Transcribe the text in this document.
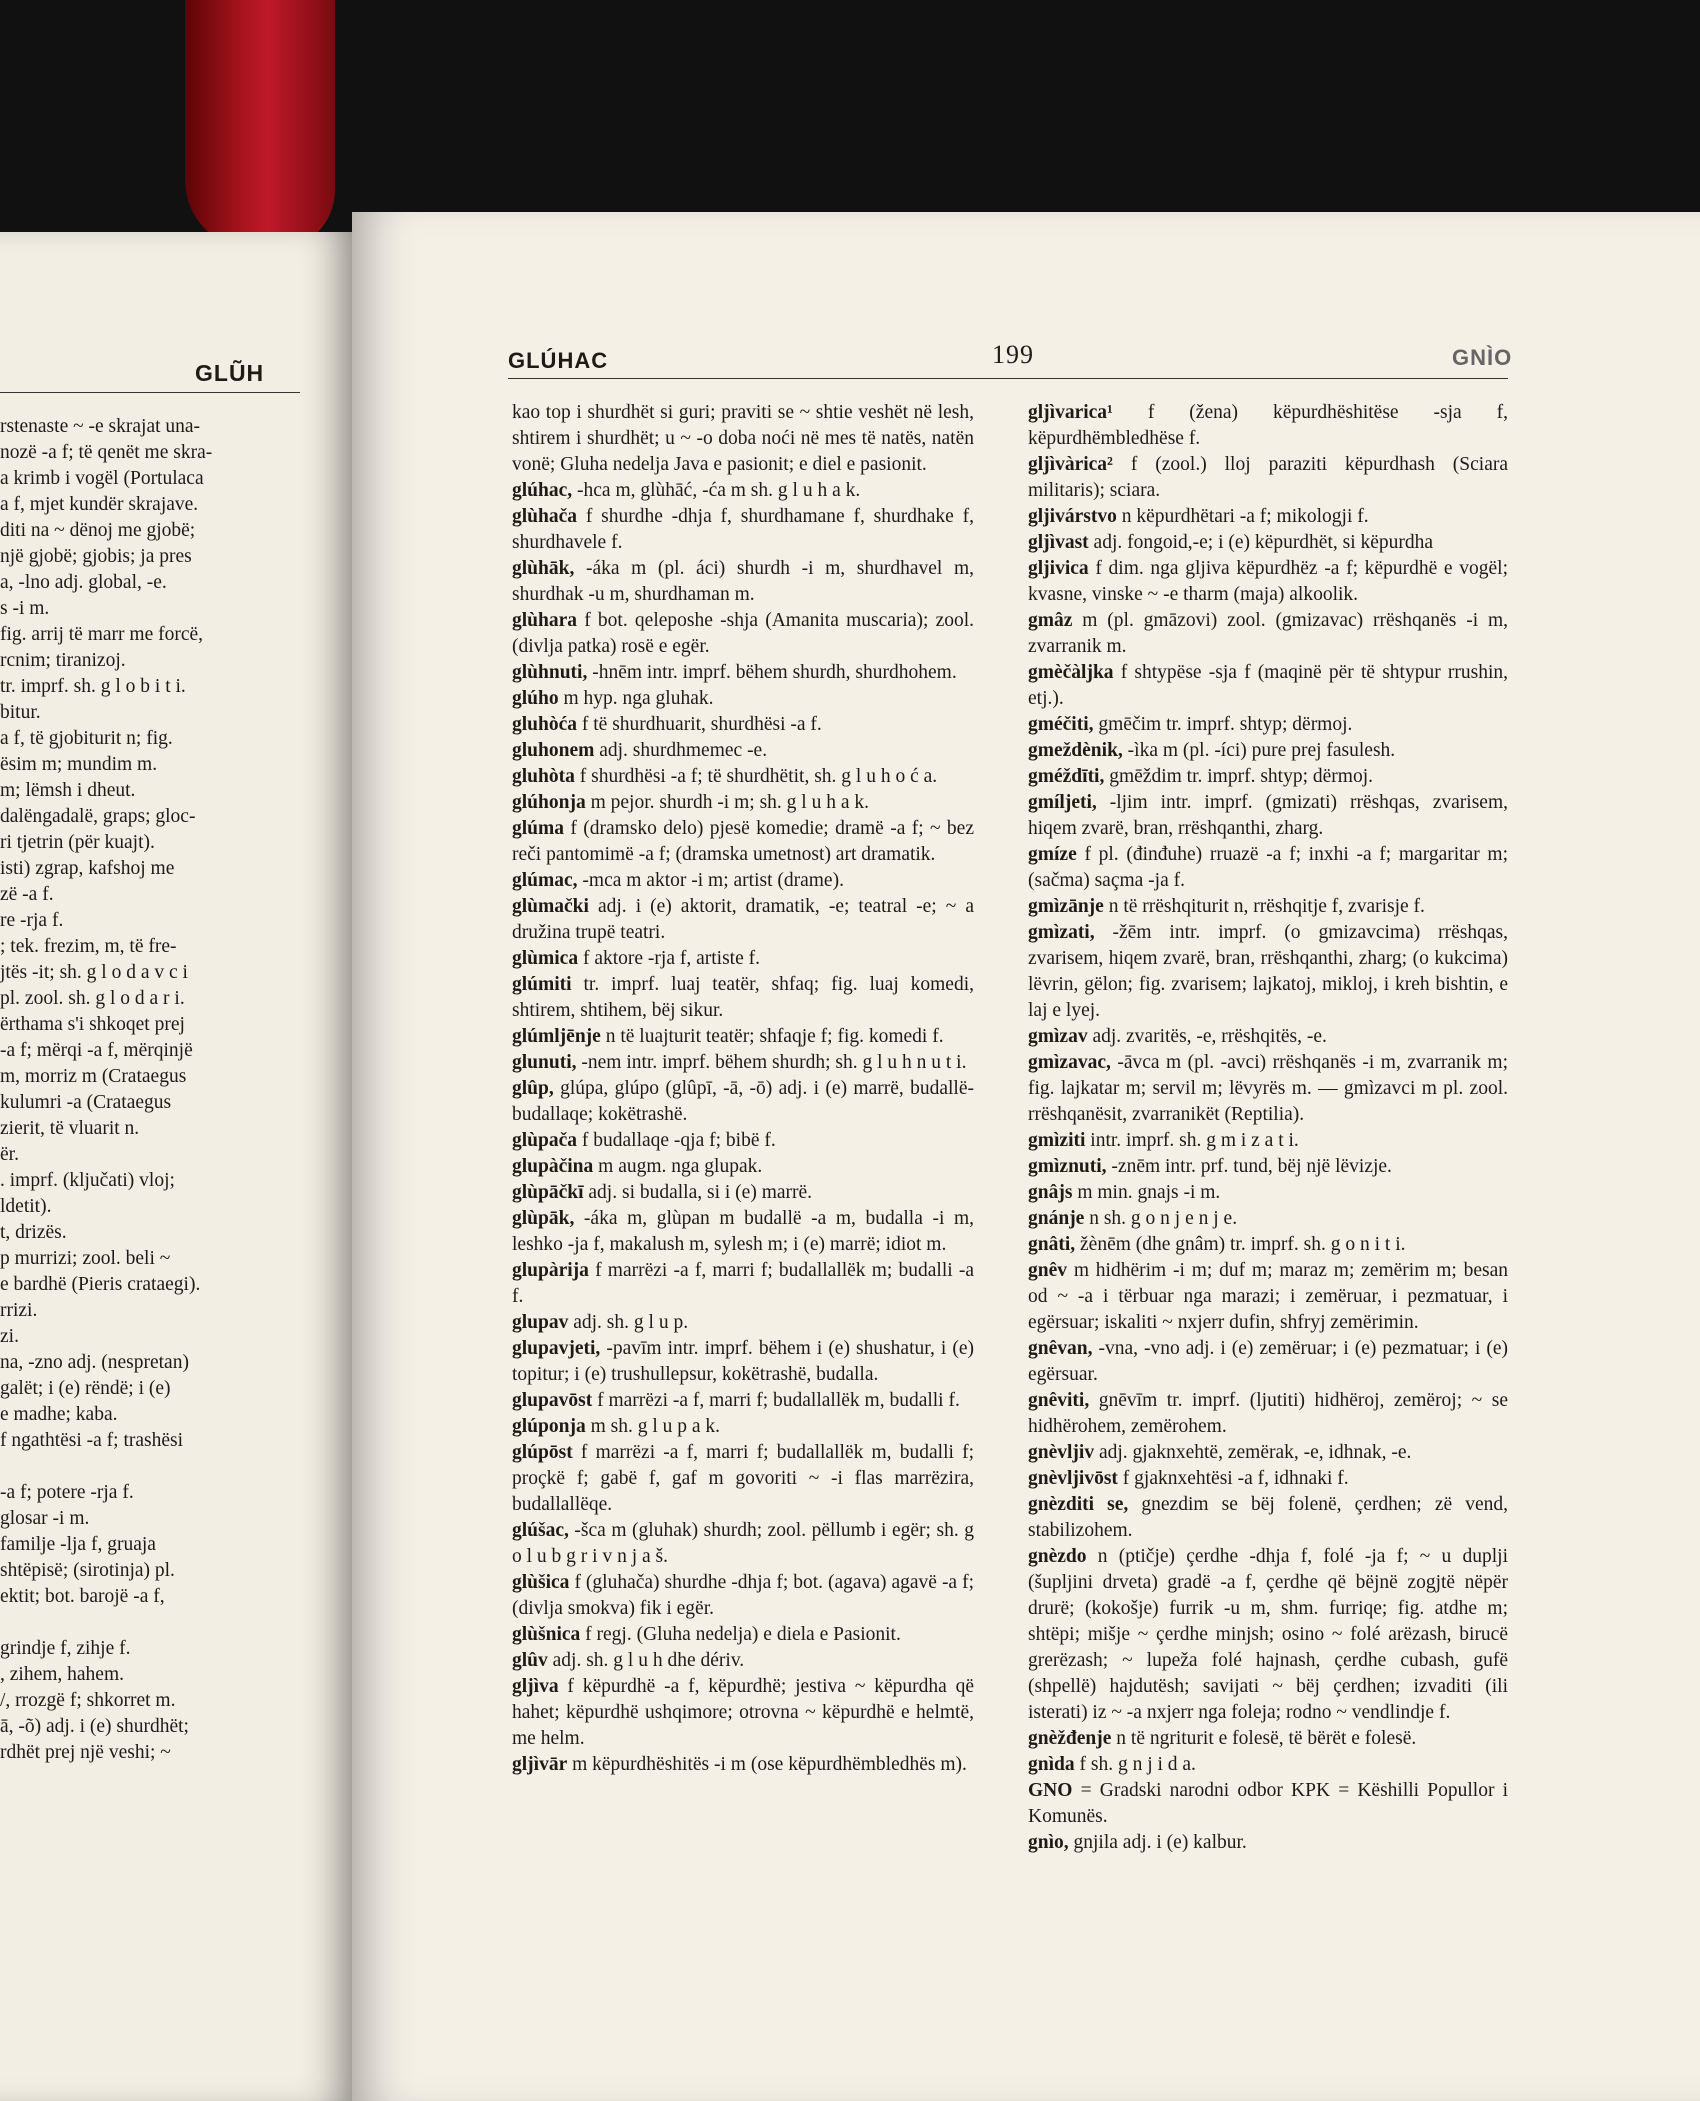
GLŨH
rstenaste ~ -e skrajat una-
nozë -a f; të qenët me skra-
a krimb i vogël (Portulaca
a f, mjet kundër skrajave.
diti na ~ dënoj me gjobë;
një gjobë; gjobis; ja pres
a, -lno adj. global, -e.
s -i m.
fig. arrij të marr me forcë,
rcnim; tiranizoj.
tr. imprf. sh. g l o b i t i.
bitur.
a f, të gjobiturit n; fig.
ësim m; mundim m.
m; lëmsh i dheut.
dalëngadalë, graps; gloc-
ri tjetrin (për kuajt).
isti) zgrap, kafshoj me
zë -a f.
re -rja f.
; tek. frezim, m, të fre-
jtës -it; sh. g l o d a v c i
pl. zool. sh. g l o d a r i.
ërthama s'i shkoqet prej
-a f; mërqi -a f, mërqinjë
m, morriz m (Crataegus
kulumri -a (Crataegus
zierit, të vluarit n.
ër.
. imprf. (ključati) vloj;
ldetit).
t, drizës.
p murrizi; zool. beli ~
e bardhë (Pieris crataegi).
rrizi.
zi.
na, -zno adj. (nespretan)
galët; i (e) rëndë; i (e)
e madhe; kaba.
f ngathtësi -a f; trashësi
-a f; potere -rja f.
glosar -i m.
familje -lja f, gruaja
shtëpisë; (sirotinja) pl.
ektit; bot. barojë -a f,
grindje f, zihje f.
, zihem, hahem.
/, rrozgë f; shkorret m.
ā, -õ) adj. i (e) shurdhët;
rdhët prej një veshi; ~
GLÚHAC	199	GNÌO

kao top i shurdhët si guri; praviti se ~ shtie veshët në lesh, shtirem i shurdhët; u ~ -o doba noći në mes të natës, natën vonë; Gluha nedelja Java e pasionit; e diel e pasionit.

glúhac, -hca m, glùhāć, -ća m sh. g l u h a k.

glùhača f shurdhe -dhja f, shurdhamane f, shurdhake f, shurdhavele f.

glùhāk, -áka m (pl. áci) shurdh -i m, shurdhavel m, shurdhak -u m, shurdhaman m.

glùhara f bot. qeleposhe -shja (Amanita muscaria); zool. (divlja patka) rosë e egër.

glùhnuti, -hnēm intr. imprf. bëhem shurdh, shurdhohem.

glúho m hyp. nga gluhak.

gluhòća f të shurdhuarit, shurdhësi -a f.

gluhonem adj. shurdhmemec -e.

gluhòta f shurdhësi -a f; të shurdhëtit, sh. g l u h o ć a.

glúhonja m pejor. shurdh -i m; sh. g l u h a k.

glúma f (dramsko delo) pjesë komedie; dramë -a f; ~ bez reči pantomimë -a f; (dramska umetnost) art dramatik.

glúmac, -mca m aktor -i m; artist (drame).

glùmački adj. i (e) aktorit, dramatik, -e; teatral -e; ~ a družina trupë teatri.

glùmica f aktore -rja f, artiste f.

glúmiti tr. imprf. luaj teatër, shfaq; fig. luaj komedi, shtirem, shtihem, bëj sikur.

glúmljēnje n të luajturit teatër; shfaqje f; fig. komedi f.

glunuti, -nem intr. imprf. bëhem shurdh; sh. g l u h n u t i.

glûp, glúpa, glúpo (glûpī, -ā, -ō) adj. i (e) marrë, budallë-budallaqe; kokëtrashë.

glùpača f budallaqe -qja f; bibë f.

glupàčina m augm. nga glupak.

glùpāčkī adj. si budalla, si i (e) marrë.

glùpāk, -áka m, glùpan m budallë -a m, budalla -i m, leshko -ja f, makalush m, sylesh m; i (e) marrë; idiot m.

glupàrija f marrëzi -a f, marri f; budallallëk m; budalli -a f.

glupav adj. sh. g l u p.

glupavjeti, -pavīm intr. imprf. bëhem i (e) shushatur, i (e) topitur; i (e) trushullepsur, kokëtrashë, budalla.

glupavōst f marrëzi -a f, marri f; budallallëk m, budalli f.

glúponja m sh. g l u p a k.

glúpōst f marrëzi -a f, marri f; budallallëk m, budalli f; proçkë f; gabë f, gaf m govoriti ~ -i flas marrëzira, budallallëqe.

glúšac, -šca m (gluhak) shurdh; zool. pëllumb i egër; sh. g o l u b g r i v n j a š.

glùšica f (gluhača) shurdhe -dhja f; bot. (agava) agavë -a f; (divlja smokva) fik i egër.

glùšnica f regj. (Gluha nedelja) e diela e Pasionit.

glûv adj. sh. g l u h dhe dériv.

gljìva f këpurdhë -a f, këpurdhë; jestiva ~ këpurdha që hahet; këpurdhë ushqimore; otrovna ~ këpurdhë e helmtë, me helm.

gljìvār m këpurdhëshitës -i m (ose këpurdhëmbledhës m).

gljìvarica¹ f (žena) këpurdhëshitëse -sja f, këpurdhëmbledhëse f.

gljìvàrica² f (zool.) lloj paraziti këpurdhash (Sciara militaris); sciara.

gljivárstvo n këpurdhëtari -a f; mikologji f.

gljìvast adj. fongoid,-e; i (e) këpurdhët, si këpurdha

gljivica f dim. nga gljiva këpurdhëz -a f; këpurdhë e vogël; kvasne, vinske ~ -e tharm (maja) alkoolik.

gmâz m (pl. gmāzovi) zool. (gmizavac) rrëshqanës -i m, zvarranik m.

gmèčàljka f shtypëse -sja f (maqinë për të shtypur rrushin, etj.).

gméčiti, gmēčim tr. imprf. shtyp; dërmoj.

gmeždènik, -ìka m (pl. -íci) pure prej fasulesh.

gméždīti, gmēždim tr. imprf. shtyp; dërmoj.

gmíljeti, -ljim intr. imprf. (gmizati) rrëshqas, zvarisem, hiqem zvarë, bran, rrëshqanthi, zharg.

gmíze f pl. (đinđuhe) rruazë -a f; inxhi -a f; margaritar m; (sačma) saçma -ja f.

gmìzānje n të rrëshqiturit n, rrëshqitje f, zvarisje f.

gmìzati, -žēm intr. imprf. (o gmizavcima) rrëshqas, zvarisem, hiqem zvarë, bran, rrëshqanthi, zharg; (o kukcima) lëvrin, gëlon; fig. zvarisem; lajkatoj, mikloj, i kreh bishtin, e laj e lyej.

gmìzav adj. zvaritës, -e, rrëshqitës, -e.

gmìzavac, -āvca m (pl. -avci) rrëshqanës -i m, zvarranik m; fig. lajkatar m; servil m; lëvyrës m. — gmìzavci m pl. zool. rrëshqanësit, zvarranikët (Reptilia).

gmìziti intr. imprf. sh. g m i z a t i.

gmìznuti, -znēm intr. prf. tund, bëj një lëvizje.

gnâjs m min. gnajs -i m.

gnánje n sh. g o n j e n j e.

gnâti, žènēm (dhe gnâm) tr. imprf. sh. g o n i t i.

gnêv m hidhërim -i m; duf m; maraz m; zemërim m; besan od ~ -a i tërbuar nga marazi; i zemëruar, i pezmatuar, i egërsuar; iskaliti ~ nxjerr dufin, shfryj zemërimin.

gnêvan, -vna, -vno adj. i (e) zemëruar; i (e) pezmatuar; i (e) egërsuar.

gnêviti, gnēvīm tr. imprf. (ljutiti) hidhëroj, zemëroj; ~ se hidhërohem, zemërohem.

gnèvljiv adj. gjaknxehtë, zemërak, -e, idhnak, -e.

gnèvljivōst f gjaknxehtësi -a f, idhnaki f.

gnèzditi se, gnezdim se bëj folenë, çerdhen; zë vend, stabilizohem.

gnèzdo n (ptičje) çerdhe -dhja f, folé -ja f; ~ u duplji (šupljini drveta) gradë -a f, çerdhe që bëjnë zogjtë nëpër drurë; (kokošje) furrik -u m, shm. furriqe; fig. atdhe m; shtëpi; mišje ~ çerdhe minjsh; osino ~ folé arëzash, birucë grerëzash; ~ lupeža folé hajnash, çerdhe cubash, gufë (shpellë) hajdutësh; savijati ~ bëj çerdhen; izvaditi (ili isterati) iz ~ -a nxjerr nga foleja; rodno ~ vendlindje f.

gnèžđenje n të ngriturit e folesë, të bërët e folesë.

gnìda f sh. g n j i d a.

GNO = Gradski narodni odbor KPK = Këshilli Popullor i Komunës.

gnìo, gnjila adj. i (e) kalbur.
